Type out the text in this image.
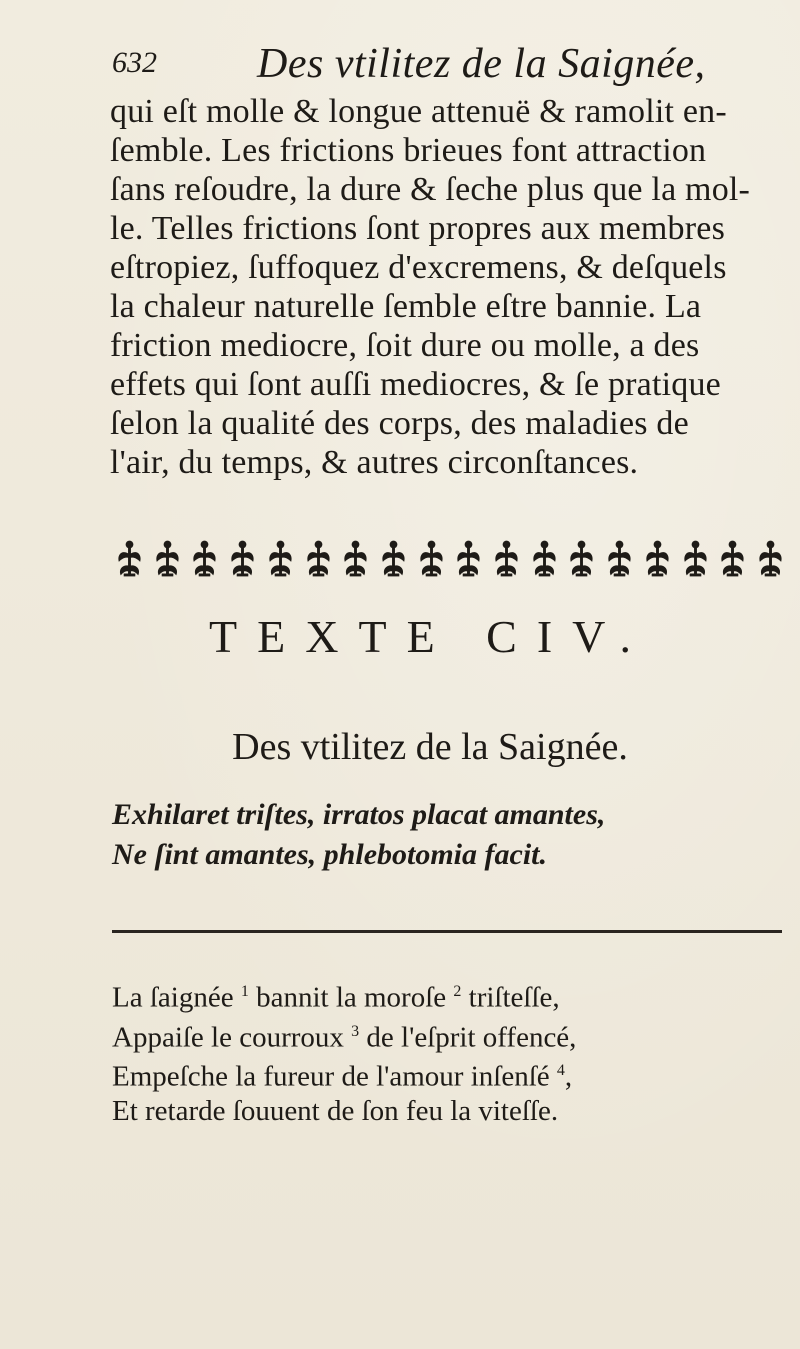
632 Des vtilitez de la Saignée,
qui eſt molle & longue attenuë & ramolit en-
ſemble. Les frictions brieues font attraction
ſans reſoudre, la dure & ſeche plus que la mol-
le. Telles frictions ſont propres aux membres
eſtropiez, ſuffoquez d'excremens, & deſquels
la chaleur naturelle ſemble eſtre bannie. La
friction mediocre, ſoit dure ou molle, a des
effets qui ſont auſſi mediocres, & ſe pratique
ſelon la qualité des corps, des maladies de
l'air, du temps, & autres circonſtances.
TEXTE CIV.
Des vtilitez de la Saignée.
Exhilaret triſtes, irratos placat amantes,
Ne ſint amantes, phlebotomia facit.
La ſaignée $^1$ bannit la moroſe $^2$ triſteſſe,
Appaiſe le courroux $^3$ de l'eſprit offencé,
Empeſche la fureur de l'amour inſenſé $^4$,
Et retarde ſouuent de ſon feu la viteſſe.
